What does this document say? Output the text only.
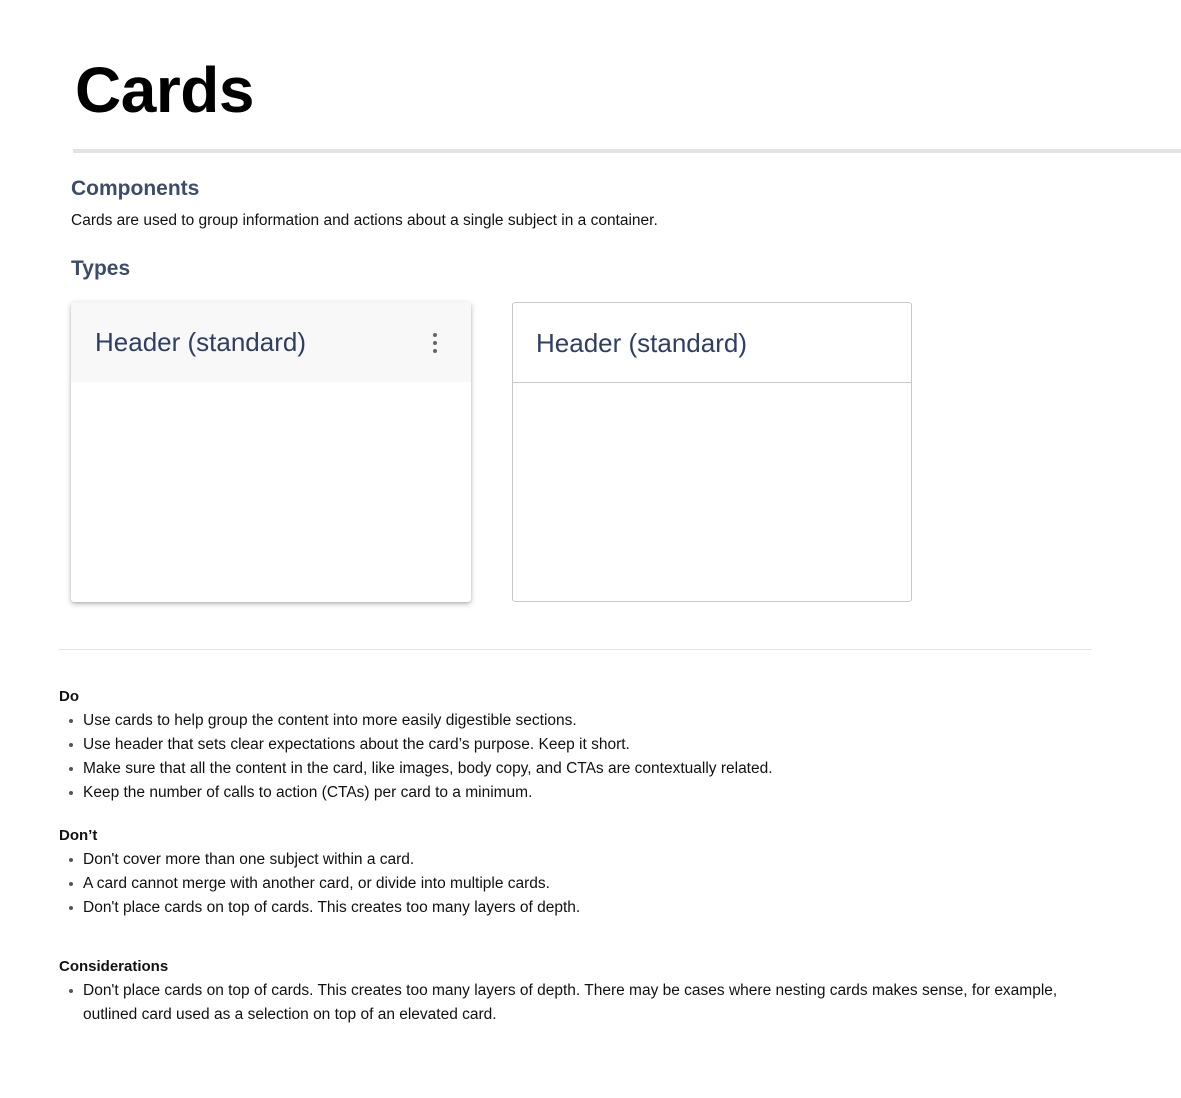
Cards
Components

Cards are used to group information and actions about a single subject in a container.

Types
Header (standard)	Header (standard)
Do
Use cards to help group the content into more easily digestible sections.
Use header that sets clear expectations about the card’s purpose. Keep it short.
Make sure that all the content in the card, like images, body copy, and CTAs are contextually related.
Keep the number of calls to action (CTAs) per card to a minimum.
Don’t
Don't cover more than one subject within a card.
A card cannot merge with another card, or divide into multiple cards.
Don't place cards on top of cards. This creates too many layers of depth.
Considerations
Don't place cards on top of cards. This creates too many layers of depth. There may be cases where nesting cards makes sense, for example, outlined card used as a selection on top of an elevated card.
